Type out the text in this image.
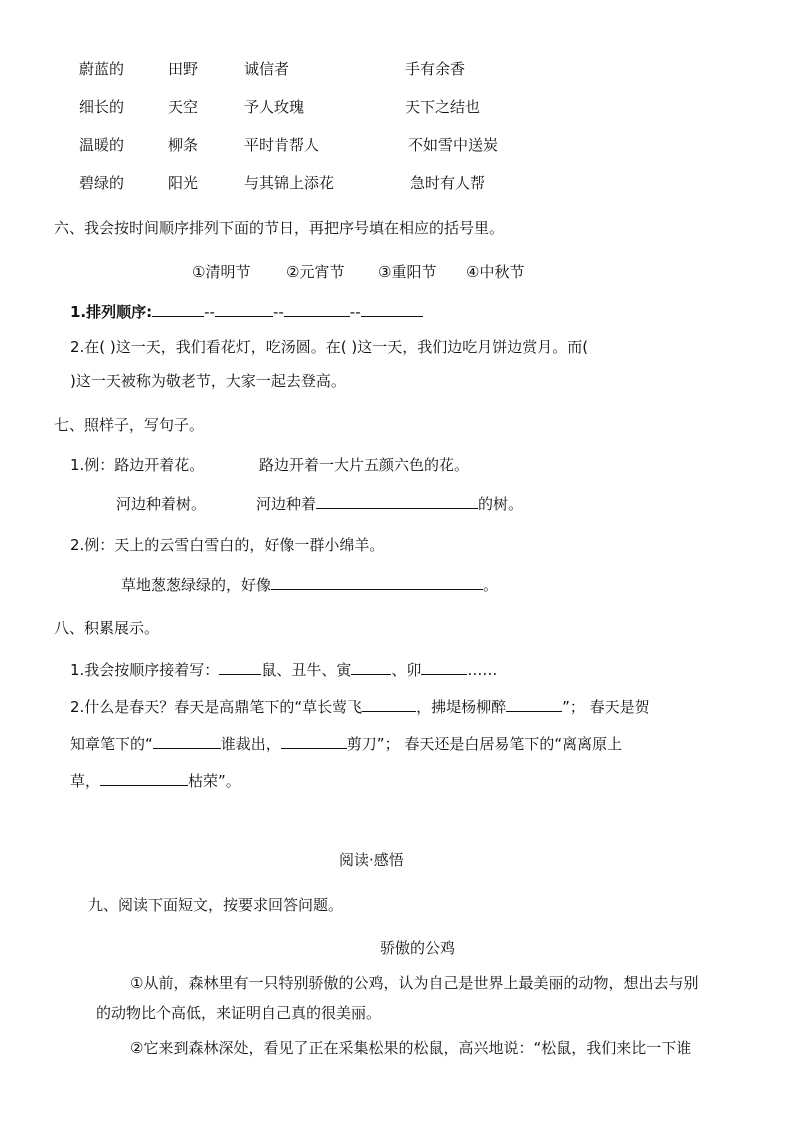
蔚蓝的	田野	诚信者	手有余香
细长的	天空	予人玫瑰	天下之结也
温暖的	柳条	平时肯帮人	不如雪中送炭
碧绿的	阳光	与其锦上添花	急时有人帮
六、我会按时间顺序排列下面的节日，再把序号填在相应的括号里。
①清明节 ②元宵节 ③重阳节 ④中秋节
1.排列顺序:	--	--	--
2.在( )这一天，我们看花灯，吃汤圆。在( )这一天，我们边吃月饼边赏月。而(
)这一天被称为敬老节，大家一起去登高。
七、照样子，写句子。
1.例：路边开着花。	路边开着一大片五颜六色的花。
河边种着树。	河边种着	的树。
2.例：天上的云雪白雪白的，好像一群小绵羊。
草地葱葱绿绿的，好像	。
八、积累展示。
1.我会按顺序接着写：	鼠、丑牛、寅	、卯	……
2.什么是春天？春天是高鼎笔下的“草长莺飞	，拂堤杨柳醉	”； 春天是贺
知章笔下的“	谁裁出，	剪刀”； 春天还是白居易笔下的“离离原上
草，	枯荣”。
阅读·感悟
九、阅读下面短文，按要求回答问题。
骄傲的公鸡
①从前，森林里有一只特别骄傲的公鸡，认为自己是世界上最美丽的动物，想出去与别
的动物比个高低，来证明自己真的很美丽。
②它来到森林深处，看见了正在采集松果的松鼠，高兴地说：“松鼠，我们来比一下谁
